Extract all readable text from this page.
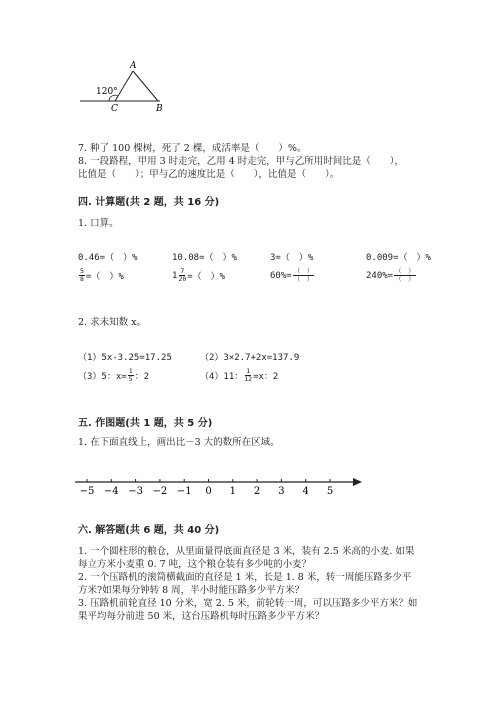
A
B
C
120°
7. 种了 100 棵树，死了 2 棵，成活率是（　　）%。
8. 一段路程，甲用 3 时走完，乙用 4 时走完，甲与乙所用时间比是（　　），
比值是（　　）；甲与乙的速度比是（　　），比值是（　　）。
四. 计算题(共 2 题，共 16 分)
1. 口算。
0.46=（　）%	10.08=（　）%	3=（　）%	0.009=（　）%
$\frac{5}{8}$ =（　）%	$1 \frac{7}{20}$ =（　）%	$60\%= \frac{( )}{( )}$	$240\%= \frac{( )}{( )}$
2. 求未知数 x。
（1）5x-3.25=17.25	（2）3×2.7+2x=137.9
（3）5：$x= \frac{1}{5}$ ：2	（4）11： $\frac{1}{12} =x$：2
五. 作图题(共 1 题，共 5 分)
1. 在下面直线上，画出比－3 大的数所在区域。
−5 −4 −3 −2 −1 0 1 2 3 4 5
六. 解答题(共 6 题，共 40 分)
1. 一个圆柱形的粮仓，从里面量得底面直径是 3 米，装有 2.5 米高的小麦. 如果
每立方米小麦重 0. 7 吨，这个粮仓装有多少吨的小麦？
2. 一个压路机的滚筒横截面的直径是 1 米，长是 1. 8 米，转一周能压路多少平
方米?如果每分钟转 8 周，半小时能压路多少平方米？
3. 压路机前轮直径 10 分米，宽 2. 5 米，前轮转一周，可以压路多少平方米？如
果平均每分前进 50 米，这台压路机每时压路多少平方米？
